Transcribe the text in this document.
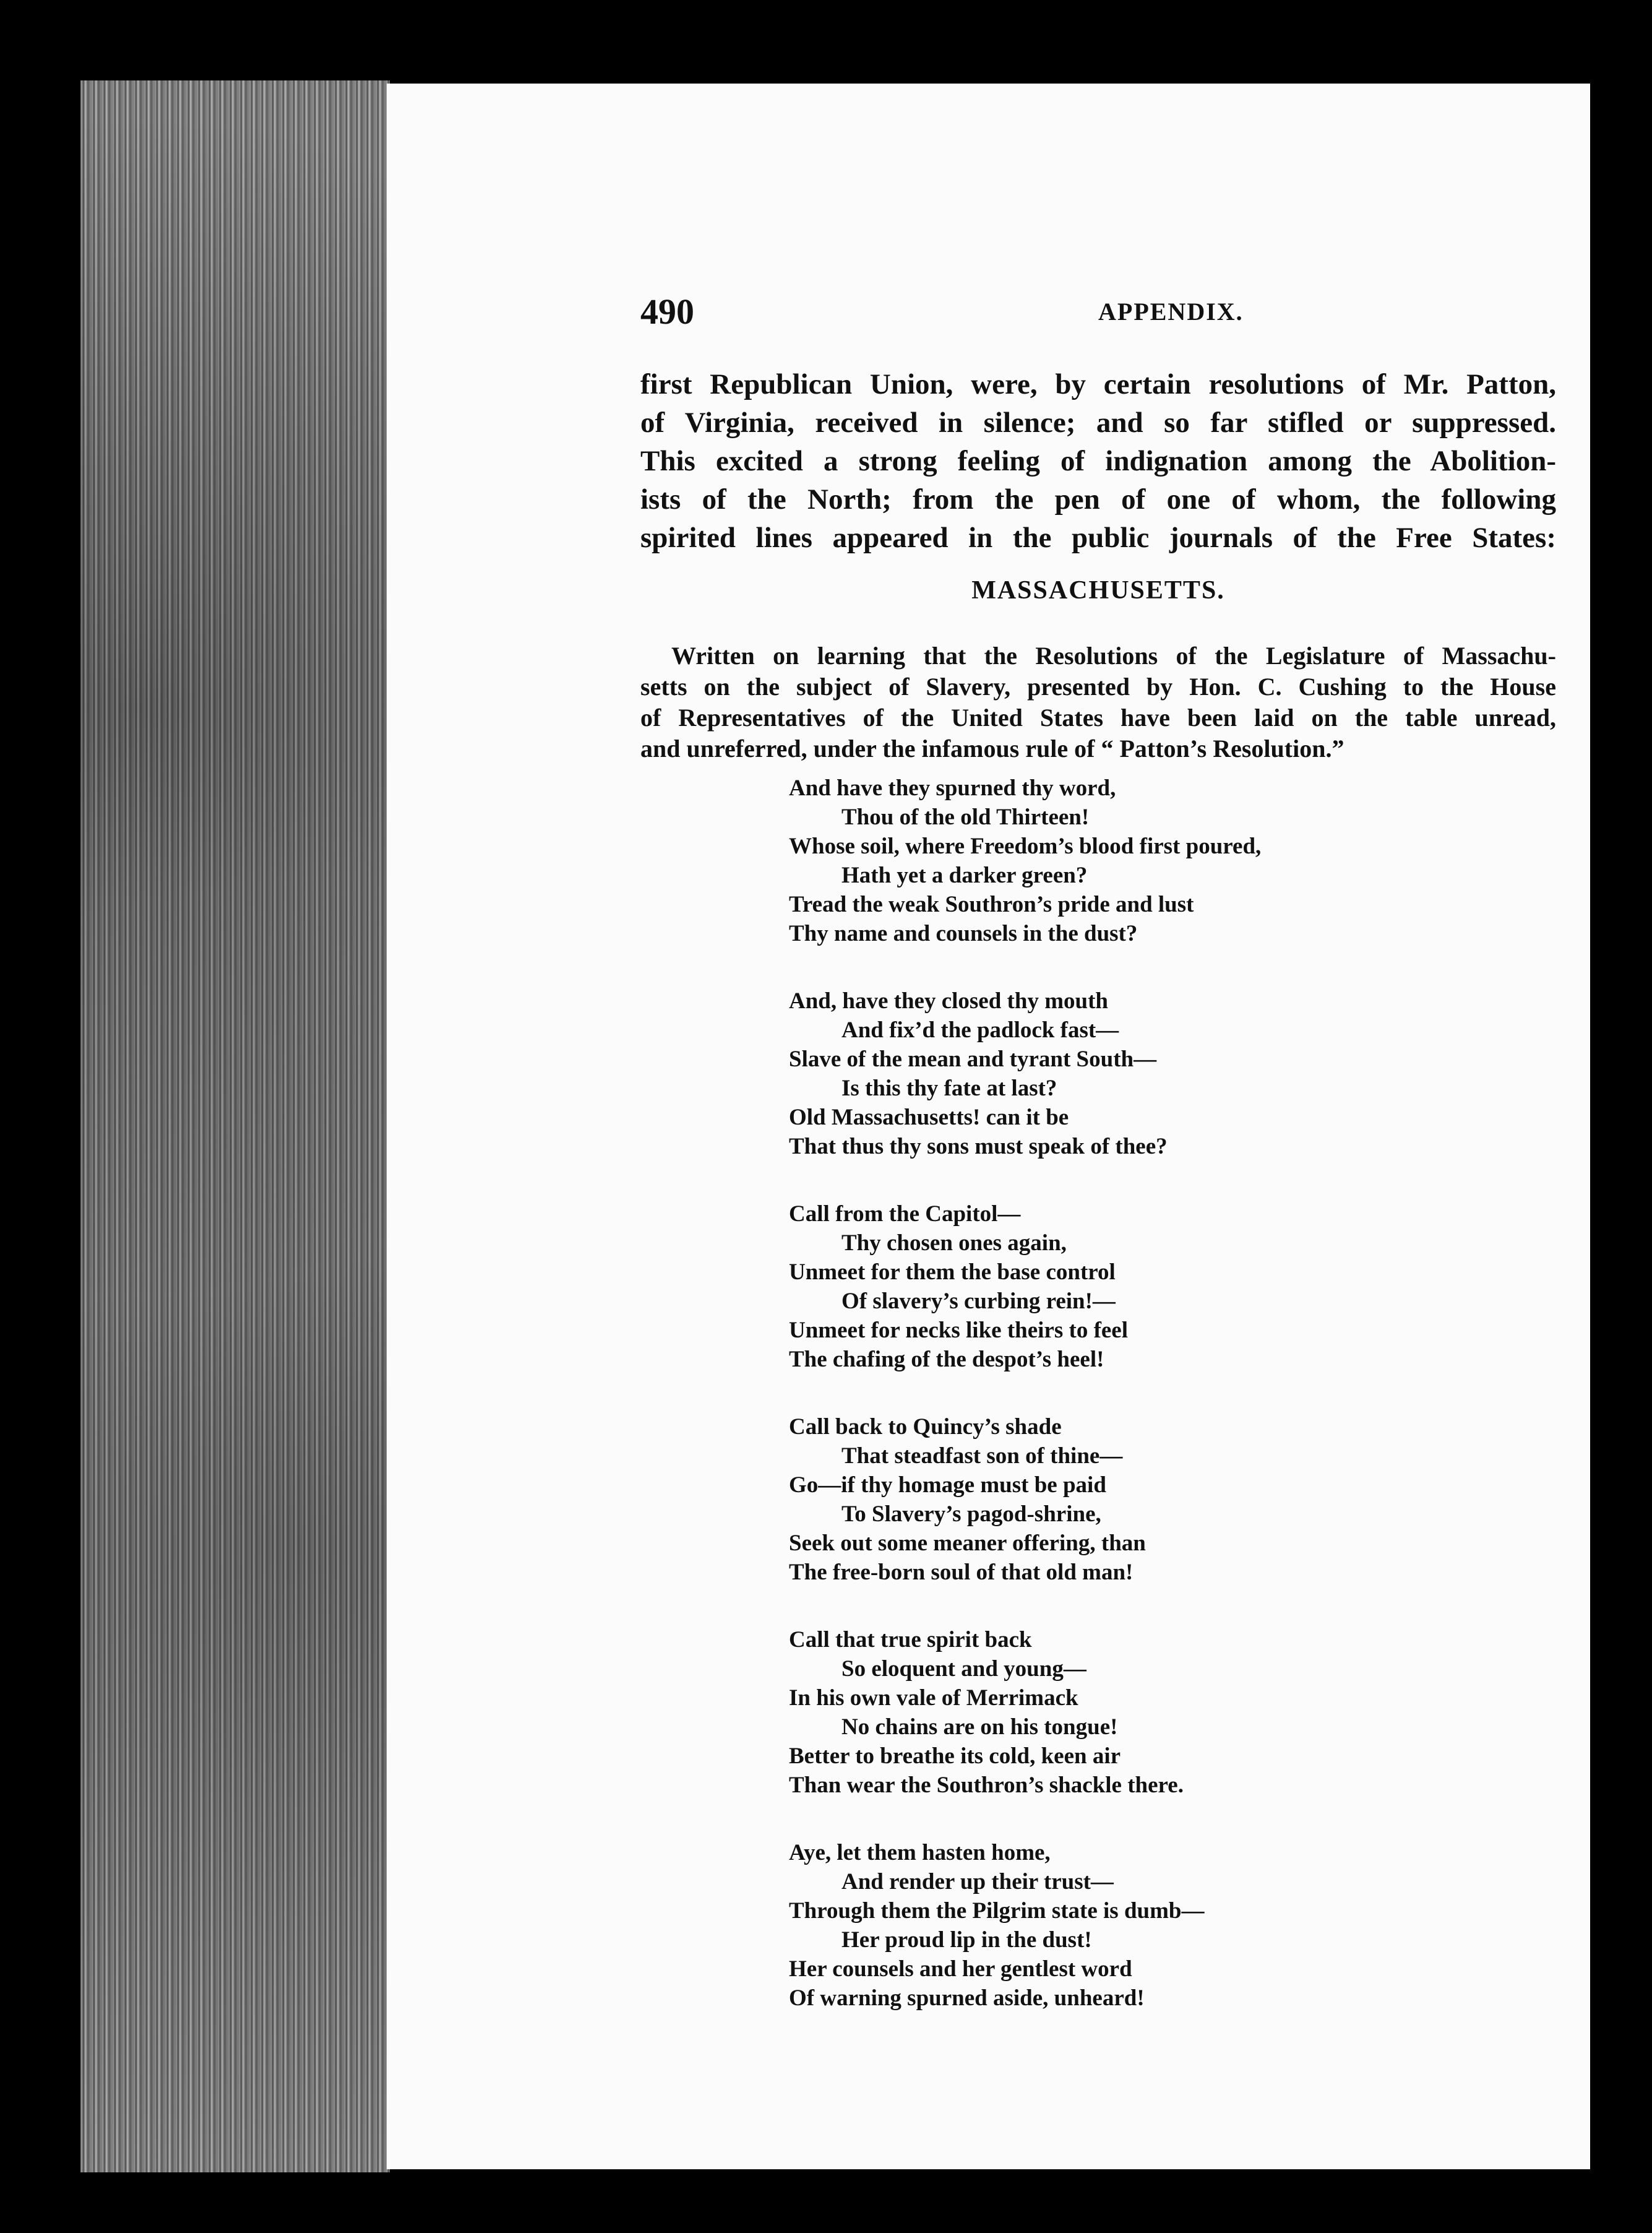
490	APPENDIX.

first Republican Union, were, by certain resolutions of Mr. Patton,
of Virginia, received in silence; and so far stifled or suppressed.
This excited a strong feeling of indignation among the Abolition-
ists of the North; from the pen of one of whom, the following
spirited lines appeared in the public journals of the Free States:

MASSACHUSETTS.

Written on learning that the Resolutions of the Legislature of Massachu-
setts on the subject of Slavery, presented by Hon. C. Cushing to the House
of Representatives of the United States have been laid on the table unread,
and unreferred, under the infamous rule of “ Patton’s Resolution.”

And have they spurned thy word,
Thou of the old Thirteen!
Whose soil, where Freedom’s blood first poured,
Hath yet a darker green?
Tread the weak Southron’s pride and lust
Thy name and counsels in the dust?
And, have they closed thy mouth
And fix’d the padlock fast—
Slave of the mean and tyrant South—
Is this thy fate at last?
Old Massachusetts! can it be
That thus thy sons must speak of thee?
Call from the Capitol—
Thy chosen ones again,
Unmeet for them the base control
Of slavery’s curbing rein!—
Unmeet for necks like theirs to feel
The chafing of the despot’s heel!
Call back to Quincy’s shade
That steadfast son of thine—
Go—if thy homage must be paid
To Slavery’s pagod-shrine,
Seek out some meaner offering, than
The free-born soul of that old man!
Call that true spirit back
So eloquent and young—
In his own vale of Merrimack
No chains are on his tongue!
Better to breathe its cold, keen air
Than wear the Southron’s shackle there.
Aye, let them hasten home,
And render up their trust—
Through them the Pilgrim state is dumb—
Her proud lip in the dust!
Her counsels and her gentlest word
Of warning spurned aside, unheard!
